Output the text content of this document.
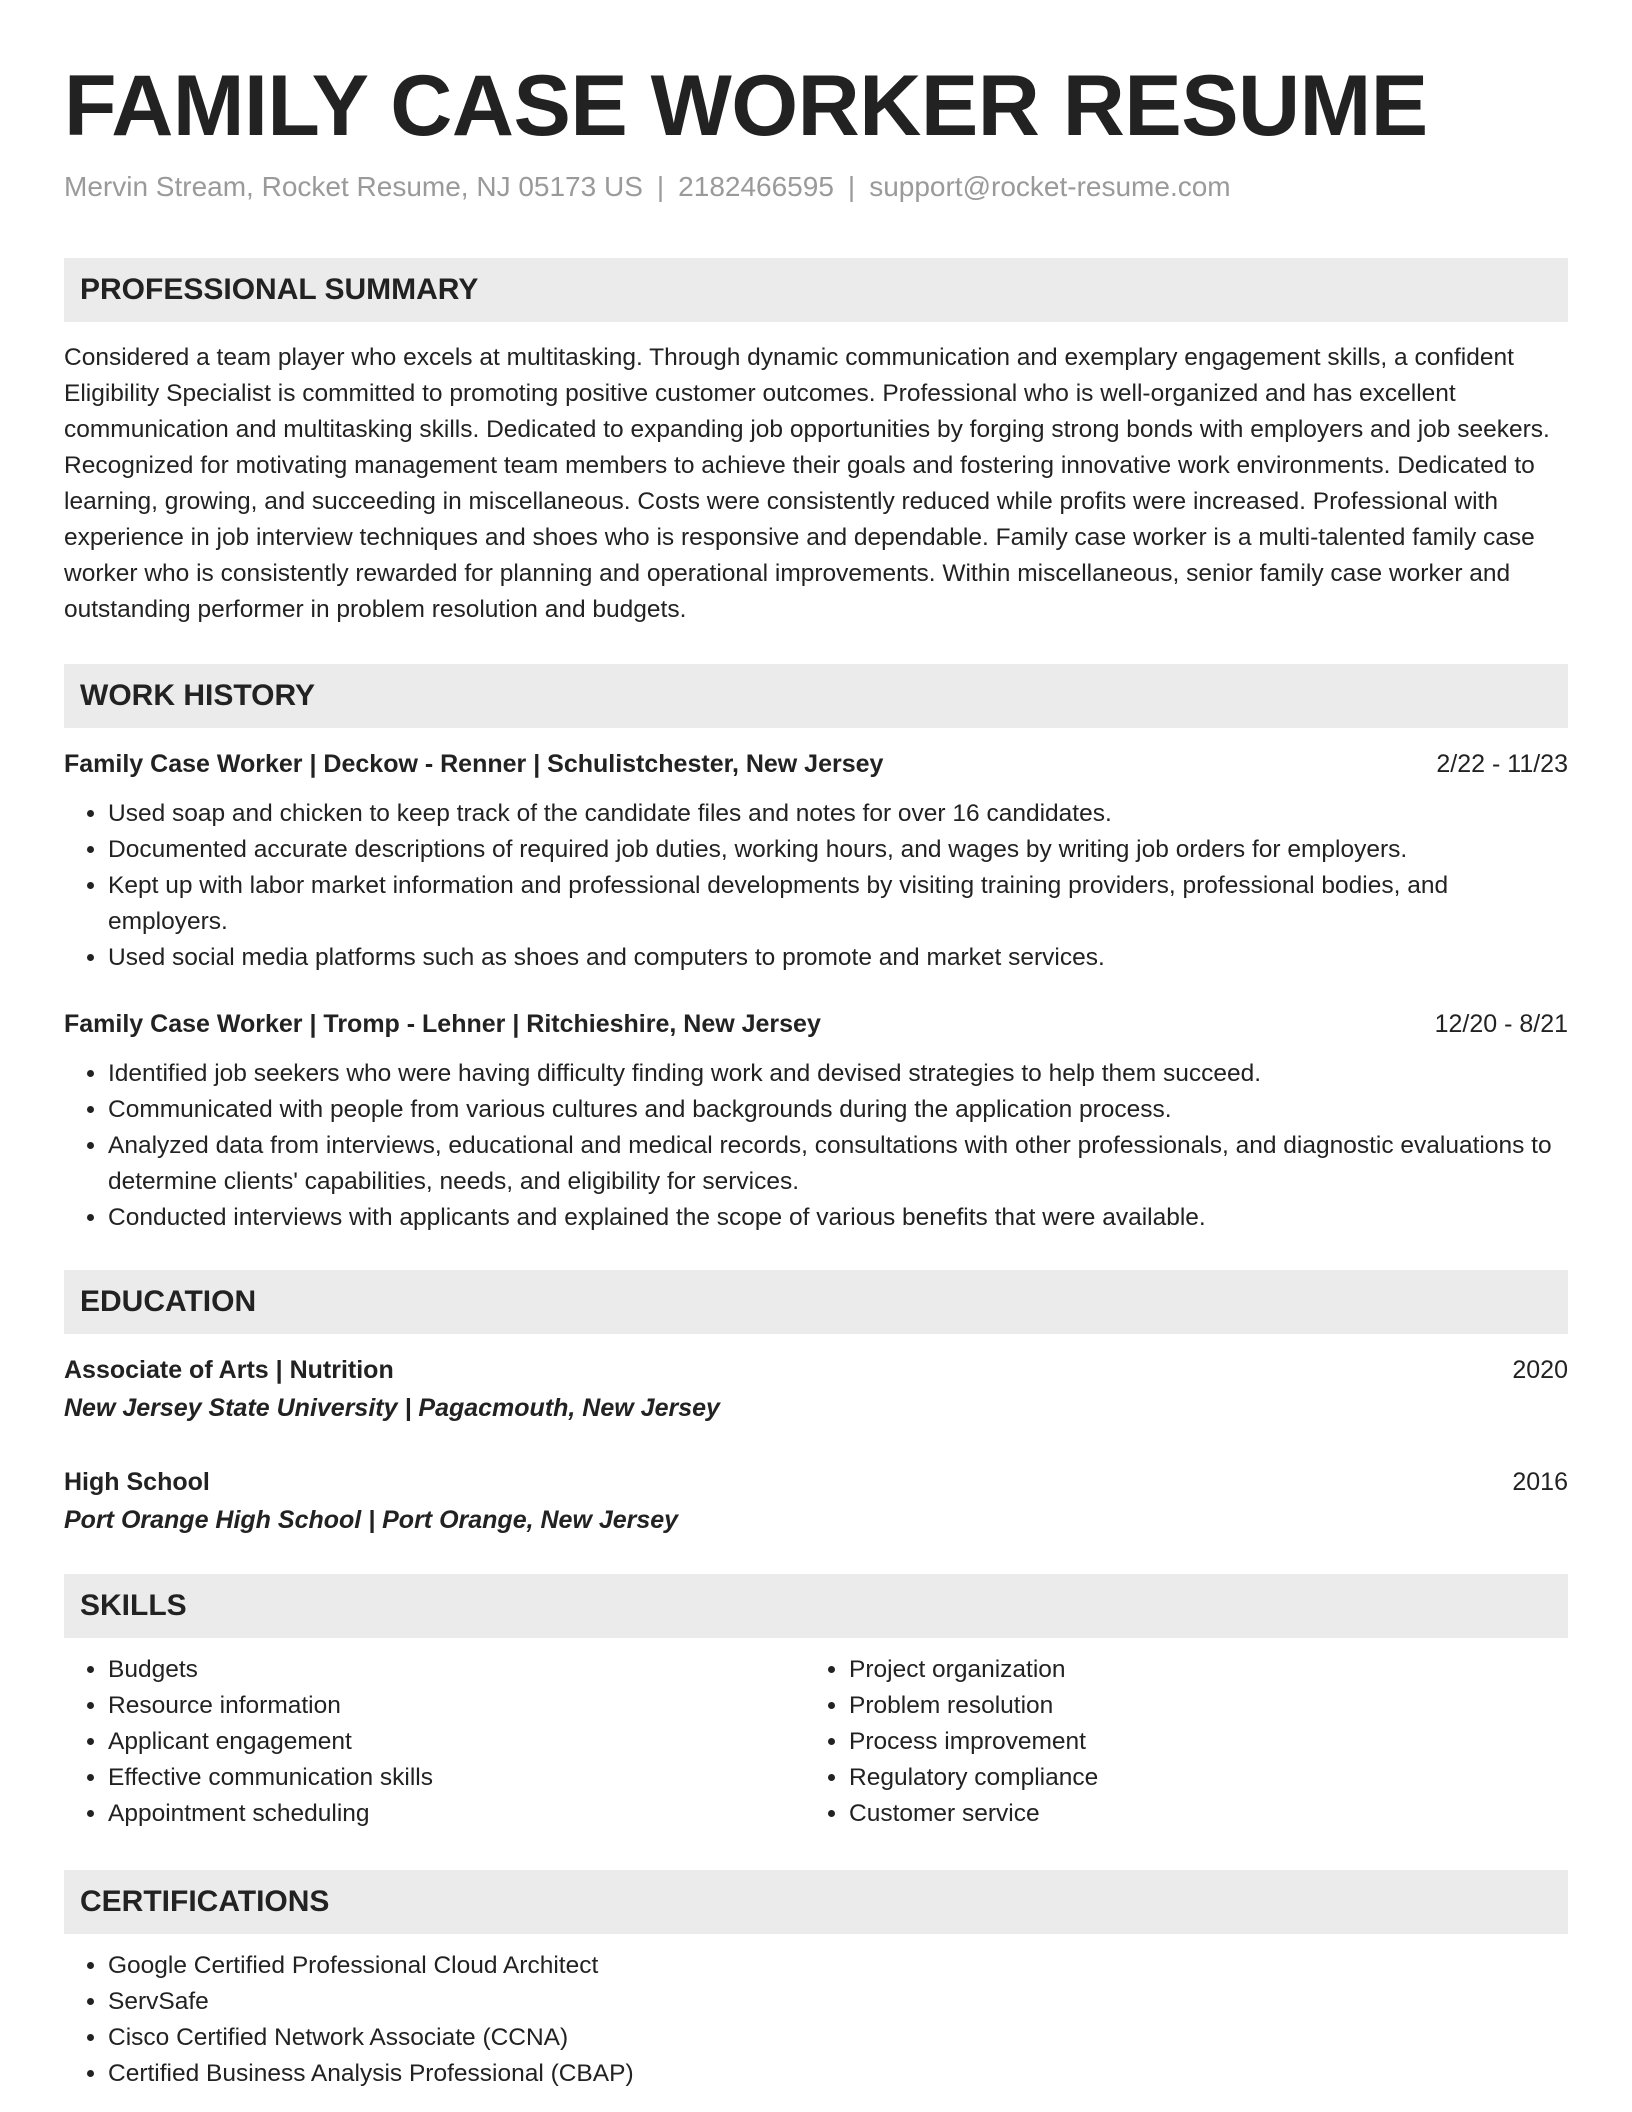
FAMILY CASE WORKER RESUME
Mervin Stream, Rocket Resume, NJ 05173 US | 2182466595 | support@rocket-resume.com
PROFESSIONAL SUMMARY
Considered a team player who excels at multitasking. Through dynamic communication and exemplary engagement skills, a confident Eligibility Specialist is committed to promoting positive customer outcomes. Professional who is well-organized and has excellent communication and multitasking skills. Dedicated to expanding job opportunities by forging strong bonds with employers and job seekers. Recognized for motivating management team members to achieve their goals and fostering innovative work environments. Dedicated to learning, growing, and succeeding in miscellaneous. Costs were consistently reduced while profits were increased. Professional with experience in job interview techniques and shoes who is responsive and dependable. Family case worker is a multi-talented family case worker who is consistently rewarded for planning and operational improvements. Within miscellaneous, senior family case worker and outstanding performer in problem resolution and budgets.
WORK HISTORY
Family Case Worker | Deckow - Renner | Schulistchester, New Jersey	2/22 - 11/23
• Used soap and chicken to keep track of the candidate files and notes for over 16 candidates.
• Documented accurate descriptions of required job duties, working hours, and wages by writing job orders for employers.
• Kept up with labor market information and professional developments by visiting training providers, professional bodies, and employers.
• Used social media platforms such as shoes and computers to promote and market services.
Family Case Worker | Tromp - Lehner | Ritchieshire, New Jersey	12/20 - 8/21
• Identified job seekers who were having difficulty finding work and devised strategies to help them succeed.
• Communicated with people from various cultures and backgrounds during the application process.
• Analyzed data from interviews, educational and medical records, consultations with other professionals, and diagnostic evaluations to determine clients' capabilities, needs, and eligibility for services.
• Conducted interviews with applicants and explained the scope of various benefits that were available.
EDUCATION
Associate of Arts | Nutrition	2020
New Jersey State University | Pagacmouth, New Jersey
High School	2016
Port Orange High School | Port Orange, New Jersey
SKILLS
• Budgets
• Resource information
• Applicant engagement
• Effective communication skills
• Appointment scheduling
• Project organization
• Problem resolution
• Process improvement
• Regulatory compliance
• Customer service
CERTIFICATIONS
• Google Certified Professional Cloud Architect
• ServSafe
• Cisco Certified Network Associate (CCNA)
• Certified Business Analysis Professional (CBAP)
